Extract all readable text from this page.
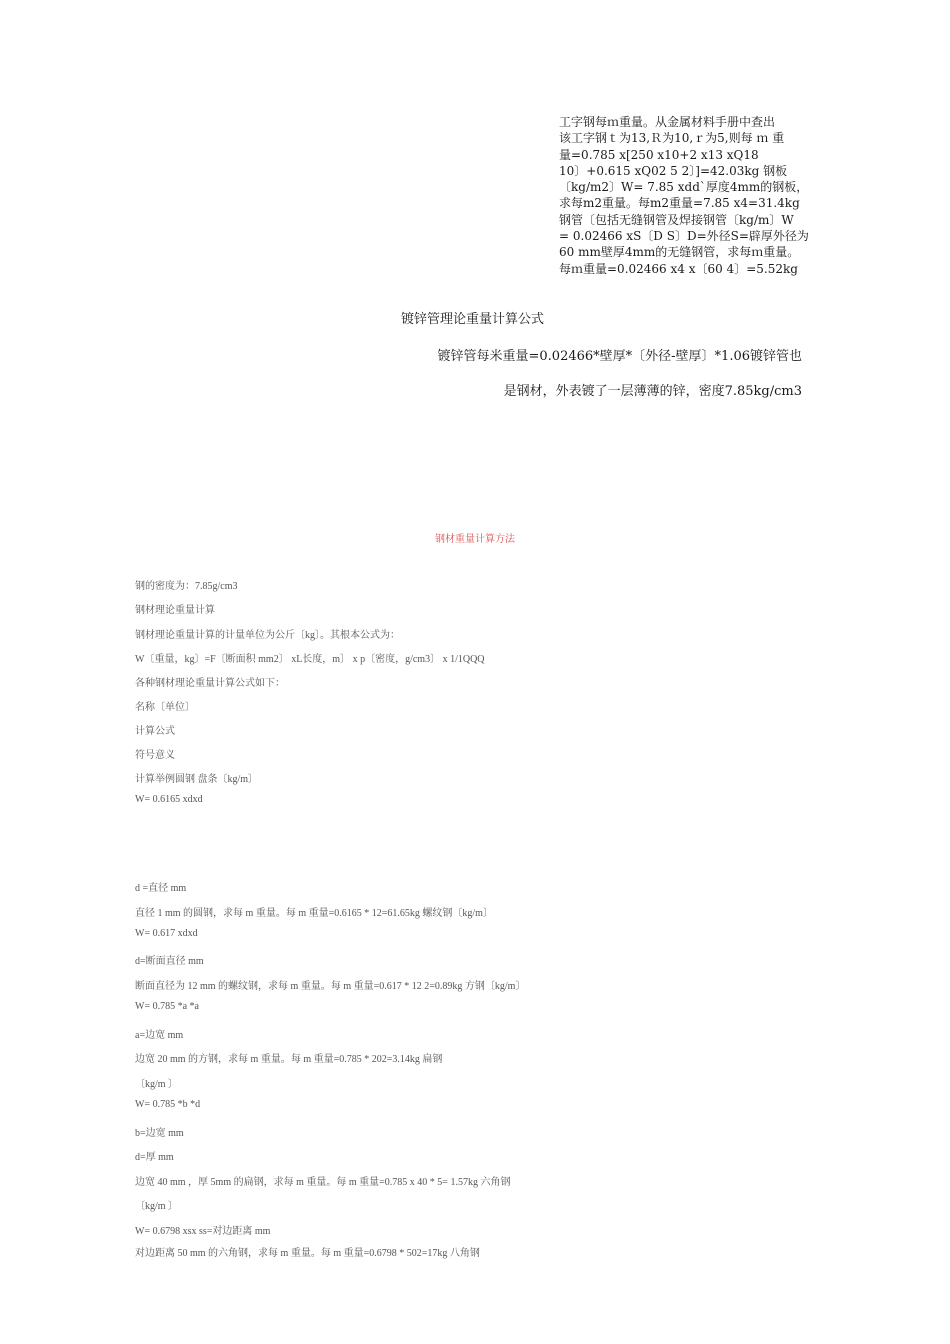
工字钢每ｍ重量。从金属材料手册中查出
该工字钢ｔ为13,Ｒ为10,ｒ为5,则每 ｍ 重
量=0.785 x[250 x10+2 x13 xQ18
10〕+0.615 xQ02 5 2〕]=42.03kg 钢板
〔kg/m2〕W= 7.85 xdd`厚度4mm的钢板，
求每m2重量。每m2重量=7.85 x4=31.4kg
钢管〔包括无缝钢管及焊接钢管〔kg/m〕W
= 0.02466 xS〔D S〕D=外径S=辟厚外径为
60 mm壁厚4mm的无缝钢管，求每ｍ重量。
每ｍ重量=0.02466 x4 x〔60 4〕=5.52kg
镀锌管理论重量计算公式
镀锌管每米重量=0.02466*壁厚*〔外径-壁厚〕*1.06镀锌管也
是钢材，外表镀了一层薄薄的锌，密度7.85kg/cm3
钢材重量计算方法
钢的密度为：7.85g/cm3
钢材理论重量计算
钢材理论重量计算的计量单位为公斤〔kg〕。其根本公式为：
W〔重量，kg〕=F〔断面积 mm2〕 xL长度，m〕 x p〔密度，g/cm3〕 x 1/1QQQ
各种钢材理论重量计算公式如下：
名称〔单位〕
计算公式
符号意义
计算举例圆钢 盘条〔kg/m〕
W= 0.6165 xdxd
d =直径 mm
直径 1 mm 的圆钢，求每 m 重量。每 m 重量=0.6165 * 12=61.65kg 螺纹钢〔kg/m〕
W= 0.617 xdxd
d=断面直径 mm
断面直径为 12 mm 的螺纹钢，求每 m 重量。每 m 重量=0.617 * 12 2=0.89kg 方钢〔kg/m〕
W= 0.785 *a *a
a=边宽 mm
边宽 20 mm 的方钢，求每 m 重量。每 m 重量=0.785 * 202=3.14kg 扁钢
〔kg/m 〕
W= 0.785 *b *d
b=边宽 mm
d=厚 mm
边宽 40 mm ，厚 5mm 的扁钢，求每 m 重量。每 m 重量=0.785 x 40 * 5= 1.57kg 六角钢
〔kg/m 〕
W= 0.6798 xsx ss=对边距离 mm
对边距离 50 mm 的六角钢，求每 m 重量。每 m 重量=0.6798 * 502=17kg 八角钢
